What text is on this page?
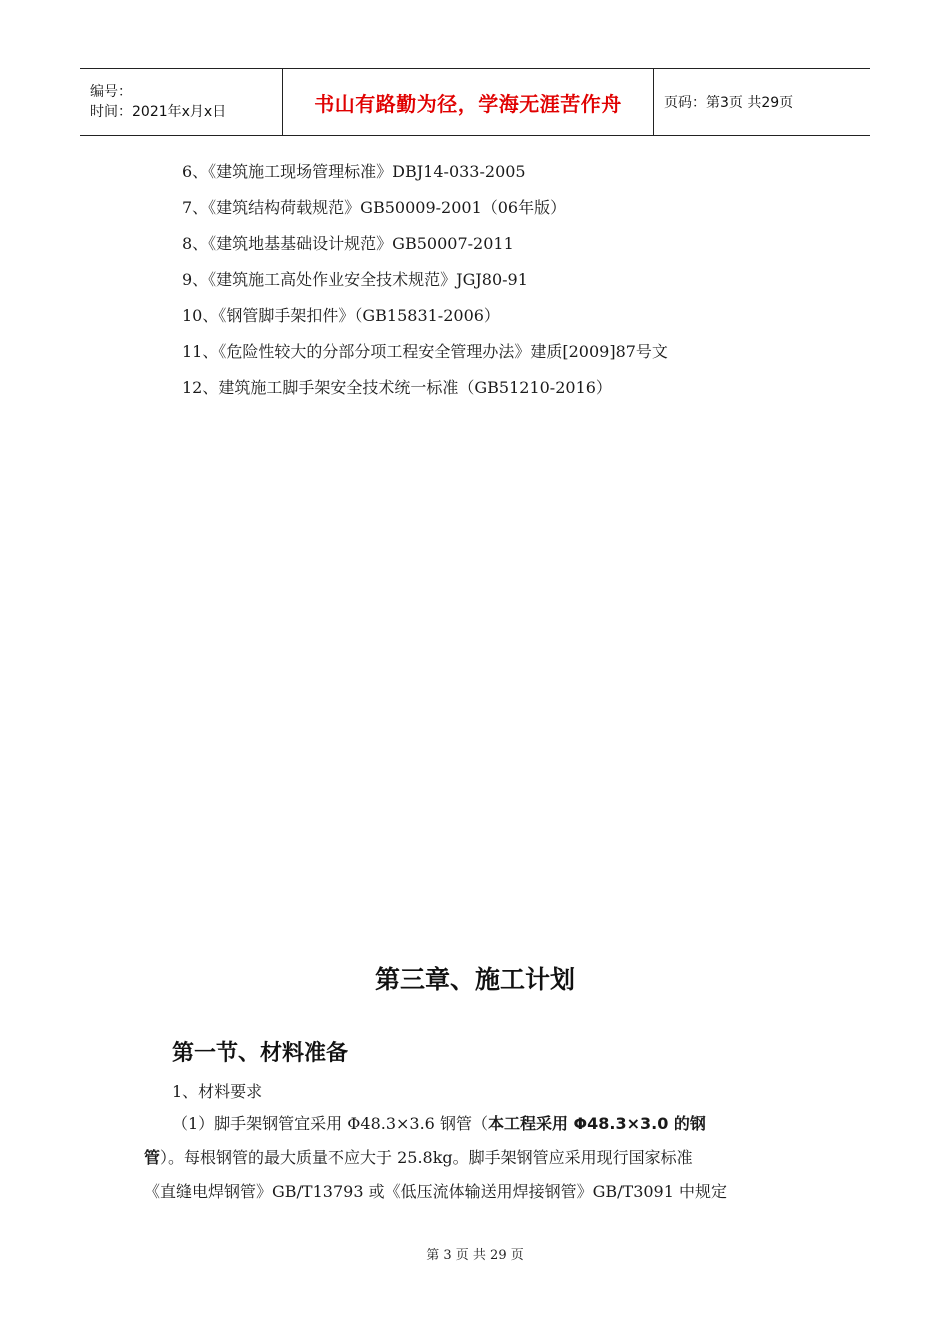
编号：
时间：2021年x月x日	书山有路勤为径，学海无涯苦作舟	页码：第3页 共29页
6、《建筑施工现场管理标准》DBJ14-033-2005
7、《建筑结构荷载规范》GB50009-2001（06年版）
8、《建筑地基基础设计规范》GB50007-2011
9、《建筑施工高处作业安全技术规范》JGJ80-91
10、《钢管脚手架扣件》（GB15831-2006）
11、《危险性较大的分部分项工程安全管理办法》建质[2009]87号文
12、建筑施工脚手架安全技术统一标准（GB51210-2016）
第三章、施工计划
第一节、材料准备
1、材料要求
（1）脚手架钢管宜采用 Φ48.3×3.6 钢管（本工程采用 Φ48.3×3.0 的钢
管）。每根钢管的最大质量不应大于 25.8kg。脚手架钢管应采用现行国家标准
《直缝电焊钢管》GB/T13793 或《低压流体输送用焊接钢管》GB/T3091 中规定
第 3 页 共 29 页
